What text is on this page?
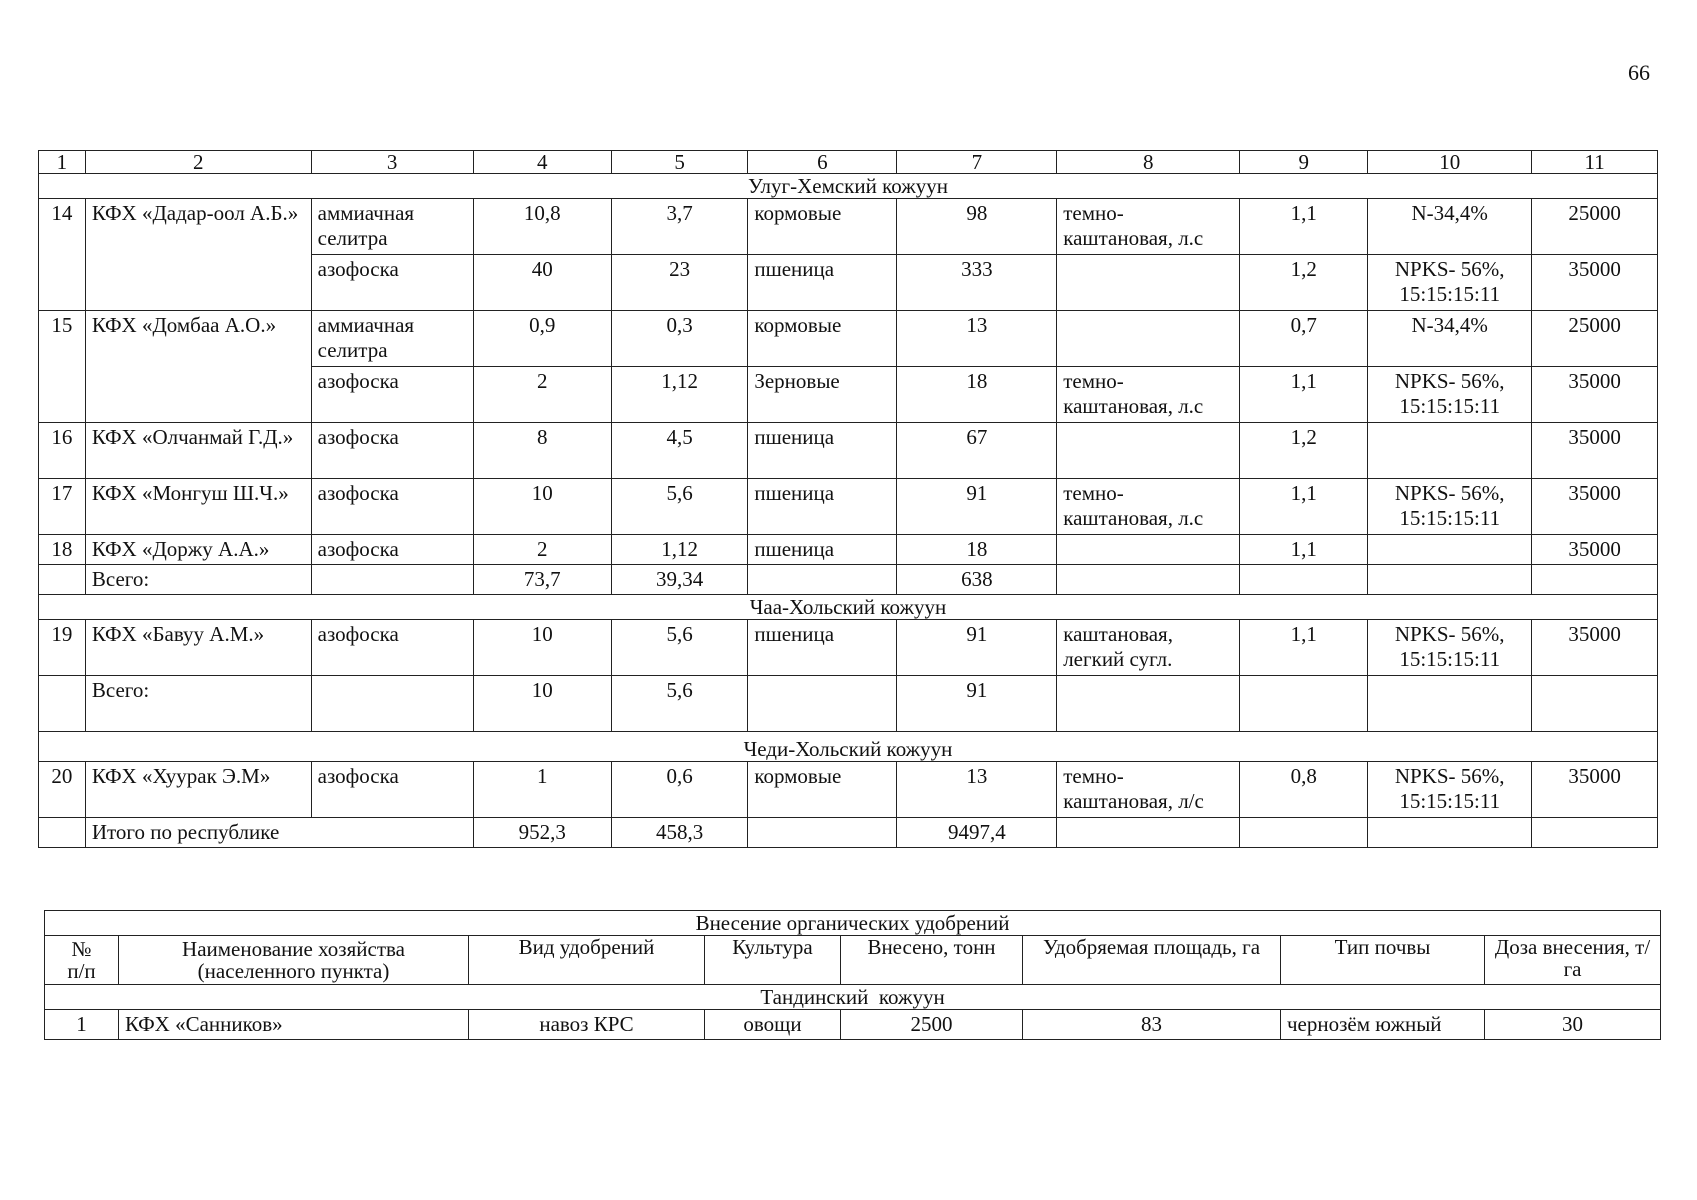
66
1	2	3	4	5	6	7	8	9	10	11
Улуг-Хемский кожуун										
14	КФХ «Дадар-оол А.Б.»	аммиачная селитра	10,8	3,7	кормовые	98	темно-каштановая, л.с	1,1	N-34,4%	25000
		азофоска	40	23	пшеница	333		1,2	NPKS- 56%, 15:15:15:11	35000
15	КФХ «Домбаа А.О.»	аммиачная селитра	0,9	0,3	кормовые	13		0,7	N-34,4%	25000
		азофоска	2	1,12	Зерновые	18	темно-каштановая, л.с	1,1	NPKS- 56%, 15:15:15:11	35000
16	КФХ «Олчанмай Г.Д.»	азофоска	8	4,5	пшеница	67		1,2		35000
17	КФХ «Монгуш Ш.Ч.»	азофоска	10	5,6	пшеница	91	темно-каштановая, л.с	1,1	NPKS- 56%, 15:15:15:11	35000
18	КФХ «Доржу А.А.»	азофоска	2	1,12	пшеница	18		1,1		35000
	Всего:		73,7	39,34		638				
Чаа-Хольский кожуун										
19	КФХ «Бавуу А.М.»	азофоска	10	5,6	пшеница	91	каштановая, легкий сугл.	1,1	NPKS- 56%, 15:15:15:11	35000
	Всего:		10	5,6		91				
Чеди-Хольский кожуун										
20	КФХ «Хуурак Э.М»	азофоска	1	0,6	кормовые	13	темно-каштановая, л/с	0,8	NPKS- 56%, 15:15:15:11	35000
	Итого по республике		952,3	458,3		9497,4				
Внесение органических удобрений							
№ п/п	Наименование хозяйства (населенного пункта)	Вид удобрений	Культура	Внесено, тонн	Удобряемая площадь, га	Тип почвы	Доза внесения, т/га
Тандинский  кожуун							
1	КФХ «Санников»	навоз КРС	овощи	2500	83	чернозём южный	30
